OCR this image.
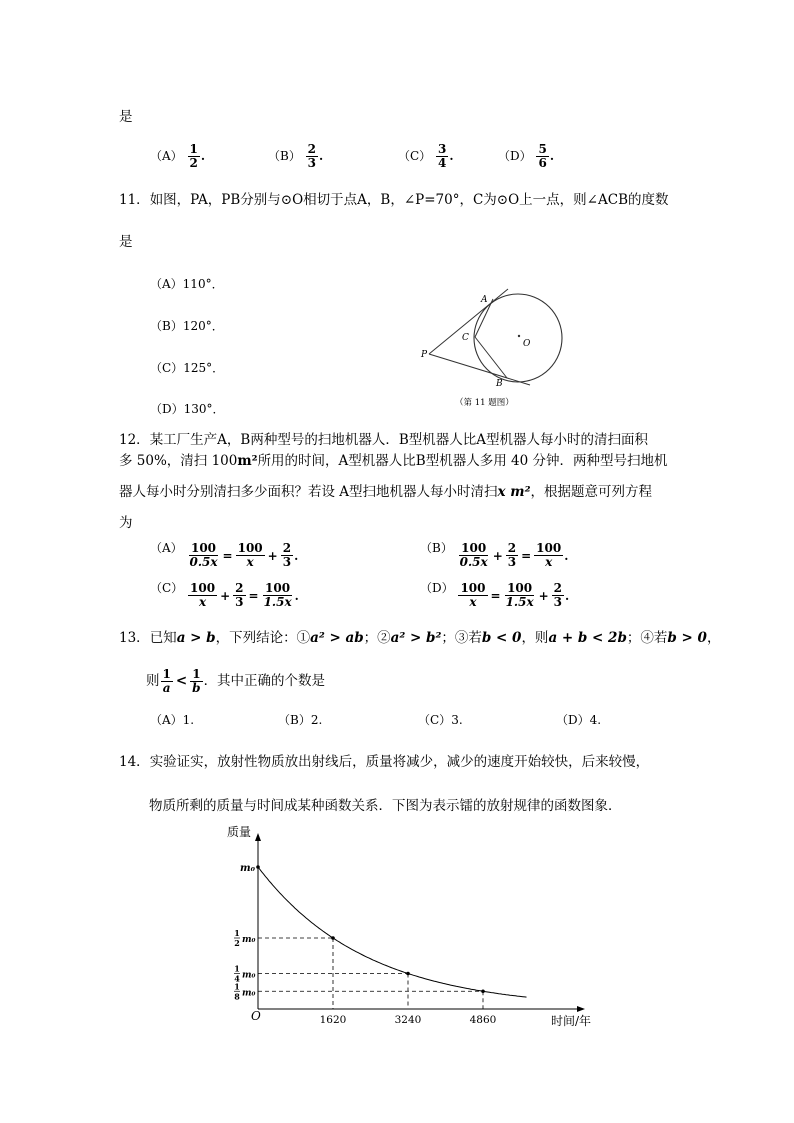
是
$(A) \frac{1}{2}$ .	$(B) \frac{2}{3}$ .	$(C) \frac{3}{4}$ .	$(D) \frac{5}{6}$ .
11．如图，PA，PB分别与⊙O相切于点A，B，∠P=70°，C为⊙O上一点，则∠ACB的度数
是
（A）110°．
（B）120°．
（C）125°．
（D）130°．
A
C
O
P
B
（第 11 题图）
12．某工厂生产A，B两种型号的扫地机器人．B型机器人比A型机器人每小时的清扫面积
多 50%，清扫 100m²所用的时间，A型机器人比B型机器人多用 40 分钟．两种型号扫地机
器人每小时分别清扫多少面积？若设 A型扫地机器人每小时清扫x m²，根据题意可列方程
为
$(A) \frac{100}{0.5x} = \frac{100}{x} + \frac{2}{3}$ .
$(B) \frac{100}{0.5x} + \frac{2}{3} = \frac{100}{x}$ .
$(C) \frac{100}{x} + \frac{2}{3} = \frac{100}{1.5x}$ .
$(D) \frac{100}{x} = \frac{100}{1.5x} + \frac{2}{3}$ .
13．已知a > b，下列结论：①a² > ab；②a² > b²；③若b < 0，则a + b < 2b；④若b > 0，
则 $\frac{1}{a} < \frac{1}{b}$ ．其中正确的个数是
（A）1.	（B）2.	（C）3.	（D）4.
14．实验证实，放射性物质放出射线后，质量将减少，减少的速度开始较快，后来较慢，
物质所剩的质量与时间成某种函数关系．下图为表示镭的放射规律的函数图象．
质量
时间/年
O
m₀
1620
1
2 m₀
3240
1
4 m₀
4860
1
8 m₀
